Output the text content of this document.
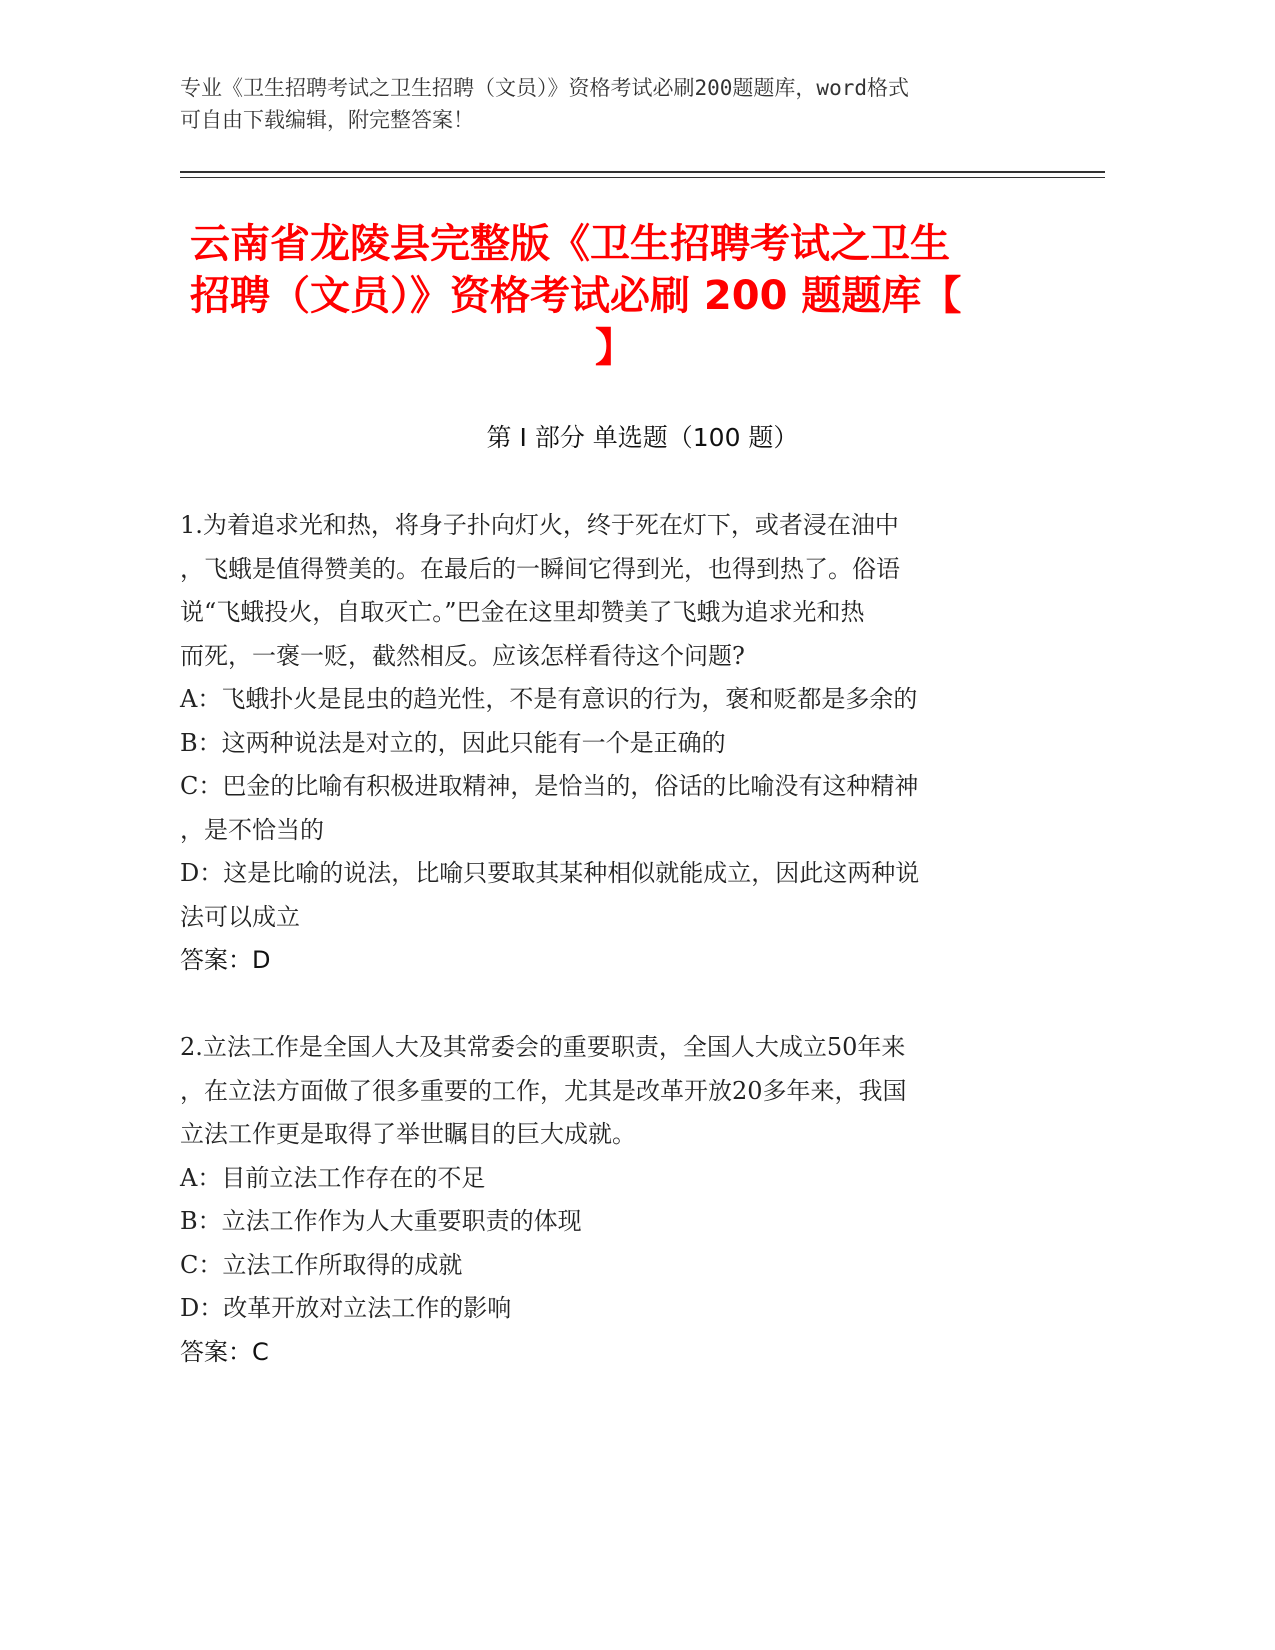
专业《卫生招聘考试之卫生招聘（文员）》资格考试必刷200题题库，word格式

可自由下载编辑，附完整答案！

云南省龙陵县完整版《卫生招聘考试之卫生
招聘（文员）》资格考试必刷 200 题题库【
】
第 I 部分 单选题（100 题）

1.为着追求光和热，将身子扑向灯火，终于死在灯下，或者浸在油中
，飞蛾是值得赞美的。在最后的一瞬间它得到光，也得到热了。俗语
说“飞蛾投火，自取灭亡。”巴金在这里却赞美了飞蛾为追求光和热
而死，一褒一贬，截然相反。应该怎样看待这个问题?

A：飞蛾扑火是昆虫的趋光性，不是有意识的行为，褒和贬都是多余的

B：这两种说法是对立的，因此只能有一个是正确的

C：巴金的比喻有积极进取精神，是恰当的，俗话的比喻没有这种精神
，是不恰当的

D：这是比喻的说法，比喻只要取其某种相似就能成立，因此这两种说
法可以成立

答案：D

2.立法工作是全国人大及其常委会的重要职责，全国人大成立50年来
，在立法方面做了很多重要的工作，尤其是改革开放20多年来，我国
立法工作更是取得了举世瞩目的巨大成就。

A：目前立法工作存在的不足

B：立法工作作为人大重要职责的体现

C：立法工作所取得的成就

D：改革开放对立法工作的影响

答案：C
